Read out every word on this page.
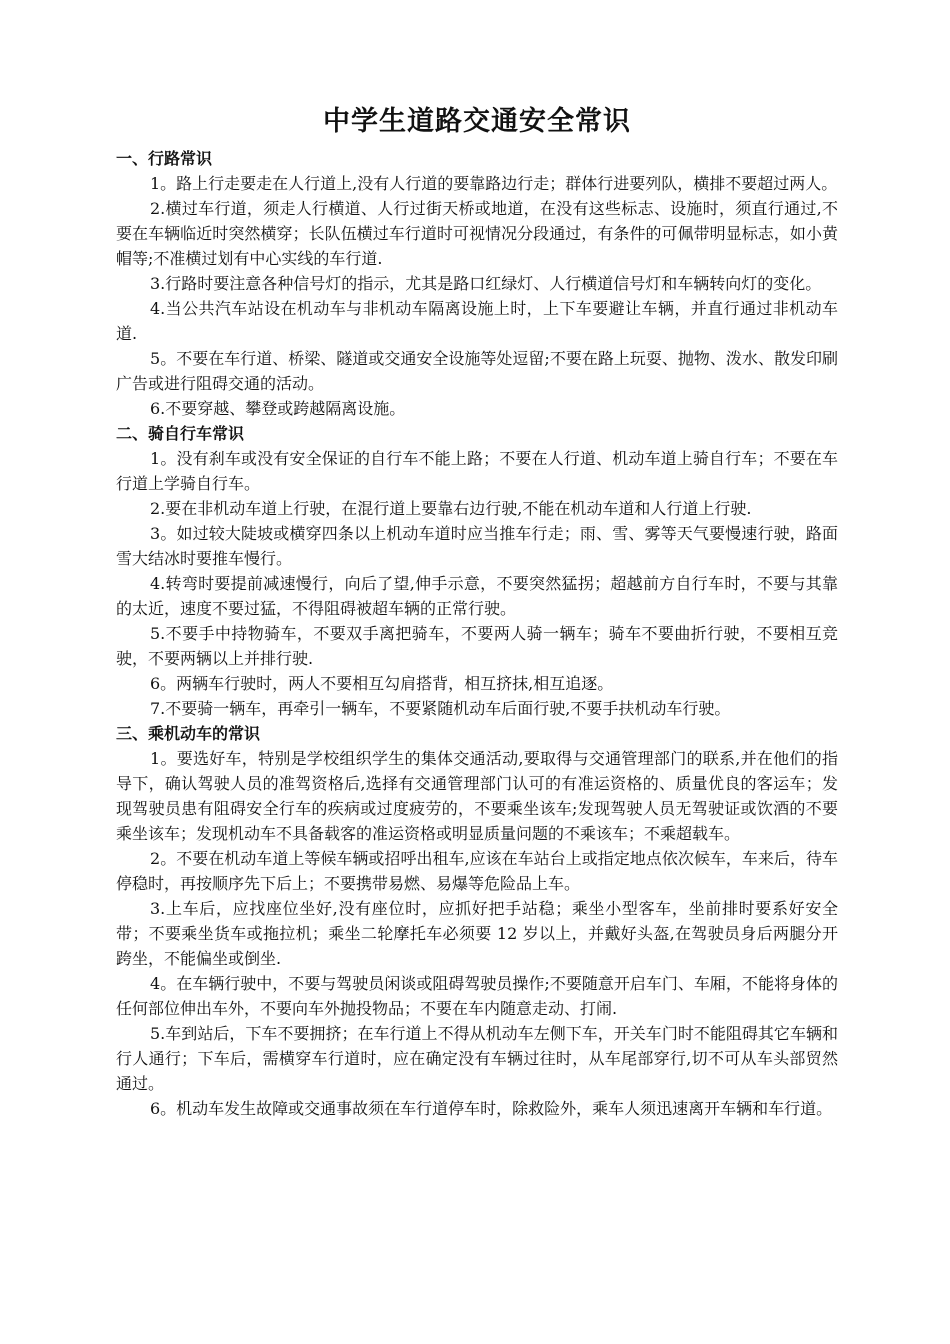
中学生道路交通安全常识

一、行路常识

1。路上行走要走在人行道上,没有人行道的要靠路边行走；群体行进要列队，横排不要超过两人。

2.横过车行道，须走人行横道、人行过街天桥或地道，在没有这些标志、设施时，须直行通过,不要在车辆临近时突然横穿；长队伍横过车行道时可视情况分段通过，有条件的可佩带明显标志，如小黄帽等;不准横过划有中心实线的车行道.

3.行路时要注意各种信号灯的指示，尤其是路口红绿灯、人行横道信号灯和车辆转向灯的变化。

4.当公共汽车站设在机动车与非机动车隔离设施上时，上下车要避让车辆，并直行通过非机动车道.

5。不要在车行道、桥梁、隧道或交通安全设施等处逗留;不要在路上玩耍、抛物、泼水、散发印刷广告或进行阻碍交通的活动。

6.不要穿越、攀登或跨越隔离设施。

二、骑自行车常识

1。没有刹车或没有安全保证的自行车不能上路；不要在人行道、机动车道上骑自行车；不要在车行道上学骑自行车。

2.要在非机动车道上行驶，在混行道上要靠右边行驶,不能在机动车道和人行道上行驶.

3。如过较大陡坡或横穿四条以上机动车道时应当推车行走；雨、雪、雾等天气要慢速行驶，路面雪大结冰时要推车慢行。

4.转弯时要提前减速慢行，向后了望,伸手示意，不要突然猛拐；超越前方自行车时，不要与其靠的太近，速度不要过猛，不得阻碍被超车辆的正常行驶。

5.不要手中持物骑车，不要双手离把骑车，不要两人骑一辆车；骑车不要曲折行驶，不要相互竞驶，不要两辆以上并排行驶.

6。两辆车行驶时，两人不要相互勾肩搭背，相互挤抹,相互追逐。

7.不要骑一辆车，再牵引一辆车，不要紧随机动车后面行驶,不要手扶机动车行驶。

三、乘机动车的常识

1。要选好车，特别是学校组织学生的集体交通活动,要取得与交通管理部门的联系,并在他们的指导下，确认驾驶人员的准驾资格后,选择有交通管理部门认可的有准运资格的、质量优良的客运车；发现驾驶员患有阻碍安全行车的疾病或过度疲劳的，不要乘坐该车;发现驾驶人员无驾驶证或饮酒的不要乘坐该车；发现机动车不具备载客的准运资格或明显质量问题的不乘该车；不乘超载车。

2。不要在机动车道上等候车辆或招呼出租车,应该在车站台上或指定地点依次候车，车来后，待车停稳时，再按顺序先下后上；不要携带易燃、易爆等危险品上车。

3.上车后，应找座位坐好,没有座位时，应抓好把手站稳；乘坐小型客车，坐前排时要系好安全带；不要乘坐货车或拖拉机；乘坐二轮摩托车必须要 12 岁以上，并戴好头盔,在驾驶员身后两腿分开跨坐，不能偏坐或倒坐.

4。在车辆行驶中，不要与驾驶员闲谈或阻碍驾驶员操作;不要随意开启车门、车厢，不能将身体的任何部位伸出车外，不要向车外抛投物品；不要在车内随意走动、打闹.

5.车到站后，下车不要拥挤；在车行道上不得从机动车左侧下车，开关车门时不能阻碍其它车辆和行人通行；下车后，需横穿车行道时，应在确定没有车辆过往时，从车尾部穿行,切不可从车头部贸然通过。

6。机动车发生故障或交通事故须在车行道停车时，除救险外，乘车人须迅速离开车辆和车行道。
